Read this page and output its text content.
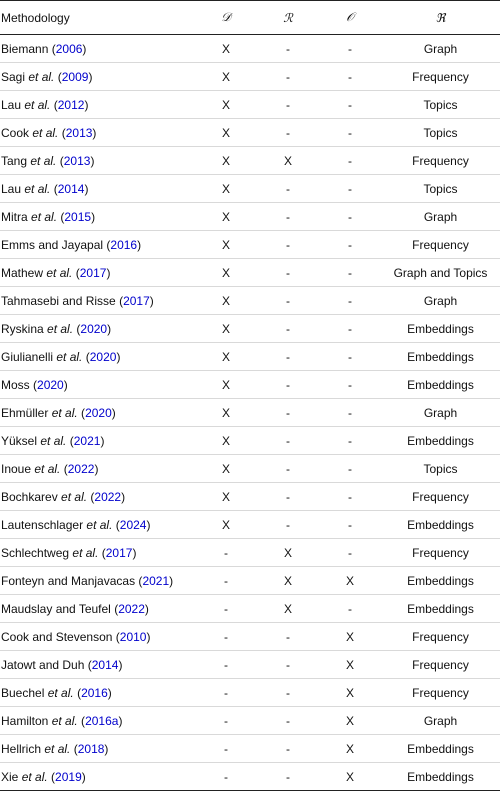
Methodology	𝒟	ℛ	𝒪	ℜ
Biemann (2006)	X	-	-	Graph
Sagi et al. (2009)	X	-	-	Frequency
Lau et al. (2012)	X	-	-	Topics
Cook et al. (2013)	X	-	-	Topics
Tang et al. (2013)	X	X	-	Frequency
Lau et al. (2014)	X	-	-	Topics
Mitra et al. (2015)	X	-	-	Graph
Emms and Jayapal (2016)	X	-	-	Frequency
Mathew et al. (2017)	X	-	-	Graph and Topics
Tahmasebi and Risse (2017)	X	-	-	Graph
Ryskina et al. (2020)	X	-	-	Embeddings
Giulianelli et al. (2020)	X	-	-	Embeddings
Moss (2020)	X	-	-	Embeddings
Ehmüller et al. (2020)	X	-	-	Graph
Yüksel et al. (2021)	X	-	-	Embeddings
Inoue et al. (2022)	X	-	-	Topics
Bochkarev et al. (2022)	X	-	-	Frequency
Lautenschlager et al. (2024)	X	-	-	Embeddings
Schlechtweg et al. (2017)	-	X	-	Frequency
Fonteyn and Manjavacas (2021)	-	X	X	Embeddings
Maudslay and Teufel (2022)	-	X	-	Embeddings
Cook and Stevenson (2010)	-	-	X	Frequency
Jatowt and Duh (2014)	-	-	X	Frequency
Buechel et al. (2016)	-	-	X	Frequency
Hamilton et al. (2016a)	-	-	X	Graph
Hellrich et al. (2018)	-	-	X	Embeddings
Xie et al. (2019)	-	-	X	Embeddings
